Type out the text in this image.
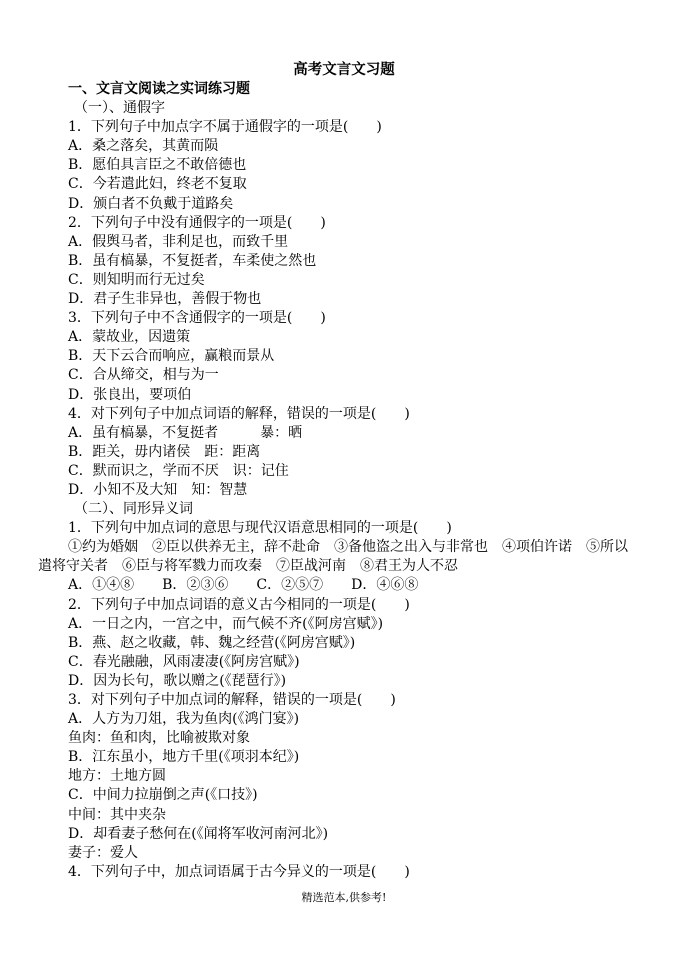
高考文言文习题
一、文言文阅读之实词练习题
（一）、通假字
1．下列句子中加点字不属于通假字的一项是(　　)
A．桑之落矣，其黄而陨
B．愿伯具言臣之不敢倍德也
C．今若遣此妇，终老不复取
D．颁白者不负戴于道路矣
2．下列句子中没有通假字的一项是(　　)
A．假舆马者，非利足也，而致千里
B．虽有槁暴，不复挺者，车柔使之然也
C．则知明而行无过矣
D．君子生非异也，善假于物也
3．下列句子中不含通假字的一项是(　　)
A．蒙故业，因遗策
B．天下云合而响应，赢粮而景从
C．合从缔交，相与为一
D．张良出，要项伯
4．对下列句子中加点词语的解释，错误的一项是(　　)
A．虽有槁暴，不复挺者　　　暴：晒
B．距关，毋内诸侯　距：距离
C．默而识之，学而不厌　识：记住
D．小知不及大知　知：智慧
（二）、同形异义词
1．下列句中加点词的意思与现代汉语意思相同的一项是(　　)
①约为婚姻　②臣以供养无主，辞不赴命　③备他盗之出入与非常也　④项伯许诺　⑤所以
遣将守关者　⑥臣与将军戮力而攻秦　⑦臣战河南　⑧君王为人不忍
A．①④⑧　　B．②③⑥　　C．②⑤⑦　　D．④⑥⑧
2．下列句子中加点词语的意义古今相同的一项是(　　)
A．一日之内，一宫之中，而气候不齐(《阿房宫赋》)
B．燕、赵之收藏，韩、魏之经营(《阿房宫赋》)
C．春光融融，风雨凄凄(《阿房宫赋》)
D．因为长句，歌以赠之(《琵琶行》)
3．对下列句子中加点词的解释，错误的一项是(　　)
A．人方为刀俎，我为鱼肉(《鸿门宴》)
鱼肉：鱼和肉，比喻被欺对象
B．江东虽小，地方千里(《项羽本纪》)
地方：土地方圆
C．中间力拉崩倒之声(《口技》)
中间：其中夹杂
D．却看妻子愁何在(《闻将军收河南河北》)
妻子：爱人
4．下列句子中，加点词语属于古今异义的一项是(　　)
精选范本,供参考!
